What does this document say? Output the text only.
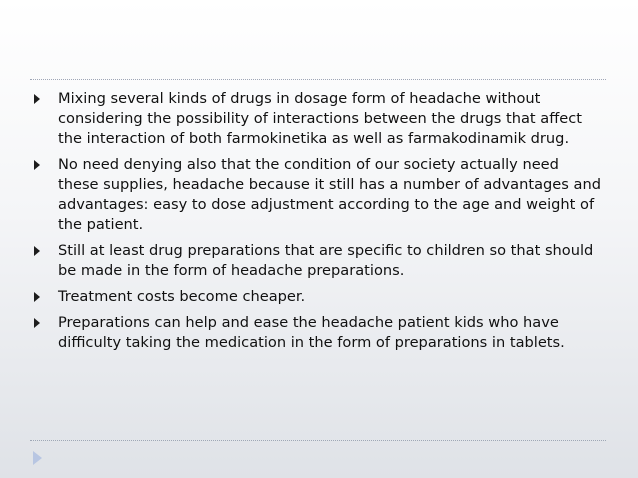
Mixing several kinds of drugs in dosage form of headache without considering the possibility of interactions between the drugs that affect the interaction of both farmokinetika as well as farmakodinamik drug.
No need denying also that the condition of our society actually need these supplies, headache because it still has a number of advantages and advantages: easy to dose adjustment according to the age and weight of the patient.
Still at least drug preparations that are specific to children so that should be made in the form of headache preparations.
Treatment costs become cheaper.
Preparations can help and ease the headache patient kids who have difficulty taking the medication in the form of preparations in tablets.
